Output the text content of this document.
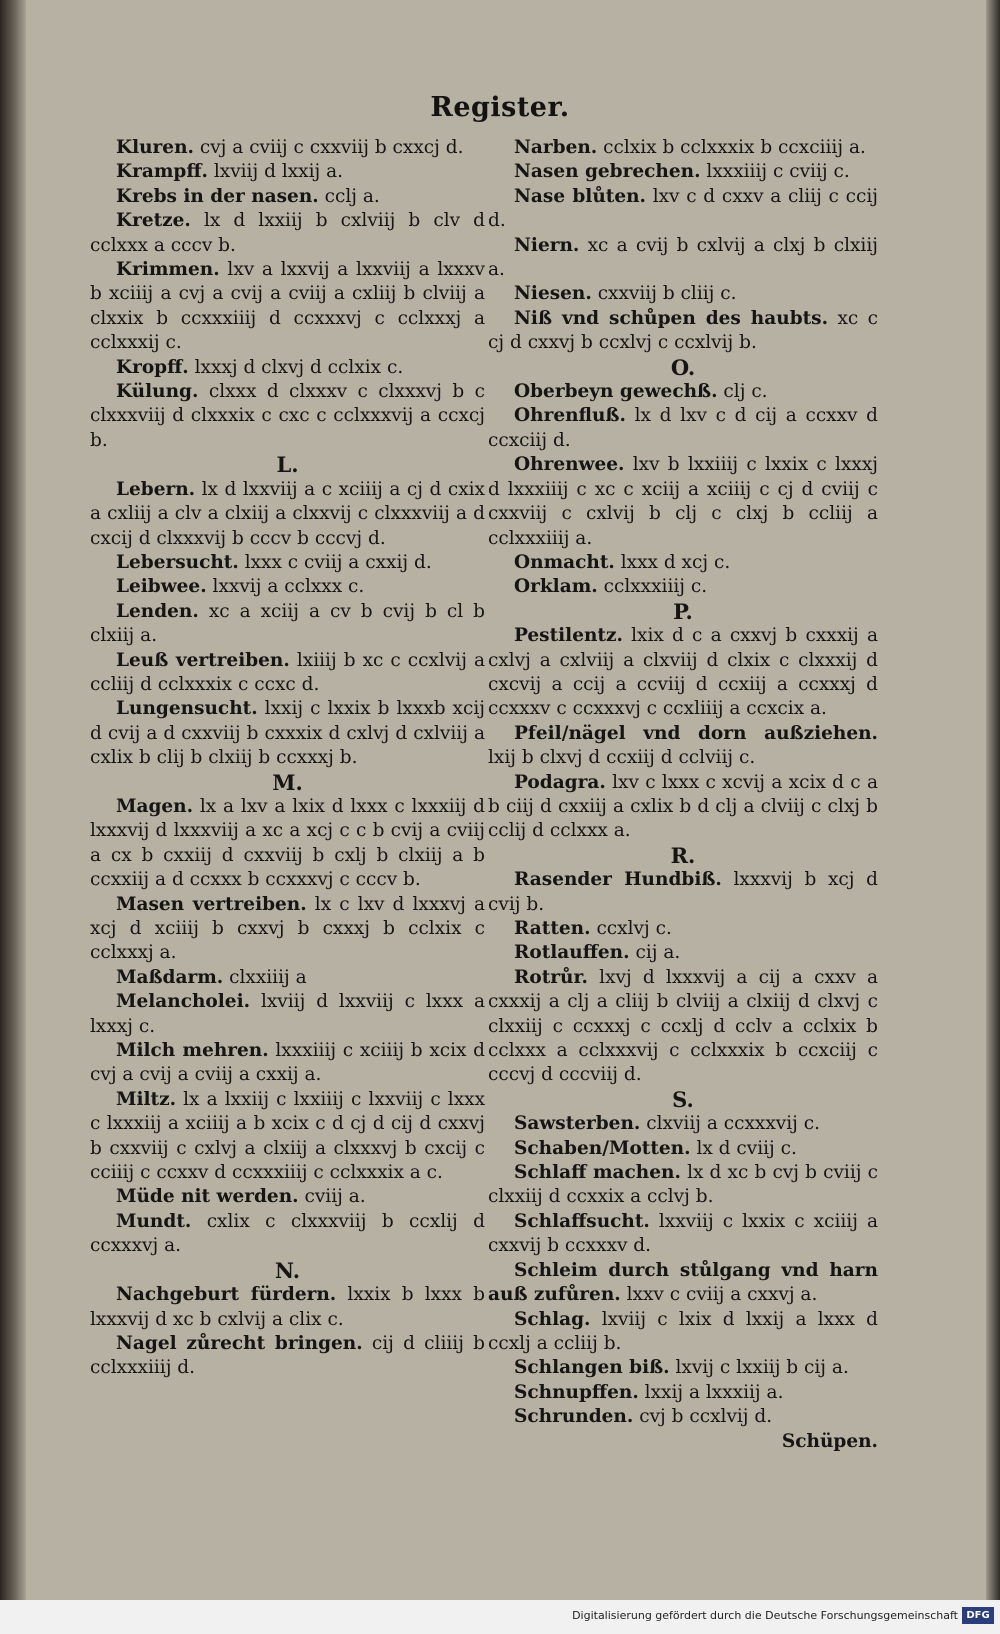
Register.

Kluren. cvj a cviij c cxxviij b cxxcj d.

Krampff. lxviij d lxxij a.

Krebs in der nasen. cclj a.

Kretze. lx d lxxiij b cxlviij b clv d cclxxx a cccv b.

Krimmen. lxv a lxxvij a lxxviij a lxxxv b xciiij a cvj a cvij a cviij a cxliij b clviij a clxxix b ccxxxiiij d ccxxxvj c cclxxxj a cclxxxij c.

Kropff. lxxxj d clxvj d cclxix c.

Külung. clxxx d clxxxv c clxxxvj b c clxxxviij d clxxxix c cxc c cclxxxvij a ccxcj b.

L.

Lebern. lx d lxxviij a c xciiij a cj d cxix a cxliij a clv a clxiij a clxxvij c clxxxviij a d cxcij d clxxxvij b cccv b cccvj d.

Lebersucht. lxxx c cviij a cxxij d.

Leibwee. lxxvij a cclxxx c.

Lenden. xc a xciij a cv b cvij b cl b clxiij a.

Leuß vertreiben. lxiiij b xc c ccxlvij a ccliij d cclxxxix c ccxc d.

Lungensucht. lxxij c lxxix b lxxxb xcij d cvij a d cxxviij b cxxxix d cxlvj d cxlviij a cxlix b clij b clxiij b ccxxxj b.

M.

Magen. lx a lxv a lxix d lxxx c lxxxiij d lxxxvij d lxxxviij a xc a xcj c c b cvij a cviij a cx b cxxiij d cxxviij b cxlj b clxiij a b ccxxiij a d ccxxx b ccxxxvj c cccv b.

Masen vertreiben. lx c lxv d lxxxvj a xcj d xciiij b cxxvj b cxxxj b cclxix c cclxxxj a.

Maßdarm. clxxiiij a

Melancholei. lxviij d lxxviij c lxxx a lxxxj c.

Milch mehren. lxxxiiij c xciiij b xcix d cvj a cvij a cviij a cxxij a.

Miltz. lx a lxxiij c lxxiiij c lxxviij c lxxx c lxxxiij a xciiij a b xcix c d cj d cij d cxxvj b cxxviij c cxlvj a clxiij a clxxxvj b cxcij c cciiij c ccxxv d ccxxxiiij c cclxxxix a c.

Müde nit werden. cviij a.

Mundt. cxlix c clxxxviij b ccxlij d ccxxxvj a.

N.

Nachgeburt fürdern. lxxix b lxxx b lxxxvij d xc b cxlvij a clix c.

Nagel zůrecht bringen. cij d cliiij b cclxxxiiij d.

Narben. cclxix b cclxxxix b ccxciiij a.

Nasen gebrechen. lxxxiiij c cviij c.

Nase blůten. lxv c d cxxv a cliij c ccij d.

Niern. xc a cvij b cxlvij a clxj b clxiij a.

Niesen. cxxviij b cliij c.

Niß vnd schůpen des haubts. xc c cj d cxxvj b ccxlvj c ccxlvij b.

O.

Oberbeyn gewechß. clj c.

Ohrenfluß. lx d lxv c d cij a ccxxv d ccxciij d.

Ohrenwee. lxv b lxxiiij c lxxix c lxxxj d lxxxiiij c xc c xciij a xciiij c cj d cviij c cxxviij c cxlvij b clj c clxj b ccliij a cclxxxiiij a.

Onmacht. lxxx d xcj c.

Orklam. cclxxxiiij c.

P.

Pestilentz. lxix d c a cxxvj b cxxxij a cxlvj a cxlviij a clxviij d clxix c clxxxij d cxcvij a ccij a ccviij d ccxiij a ccxxxj d ccxxxv c ccxxxvj c ccxliiij a ccxcix a.

Pfeil/nägel vnd dorn außziehen. lxij b clxvj d ccxiij d cclviij c.

Podagra. lxv c lxxx c xcvij a xcix d c a b ciij d cxxiij a cxlix b d clj a clviij c clxj b cclij d cclxxx a.

R.

Rasender Hundbiß. lxxxvij b xcj d cvij b.

Ratten. ccxlvj c.

Rotlauffen. cij a.

Rotrůr. lxvj d lxxxvij a cij a cxxv a cxxxij a clj a cliij b clviij a clxiij d clxvj c clxxiij c ccxxxj c ccxlj d cclv a cclxix b cclxxx a cclxxxvij c cclxxxix b ccxciij c cccvj d cccviij d.

S.

Sawsterben. clxviij a ccxxxvij c.

Schaben/Motten. lx d cviij c.

Schlaff machen. lx d xc b cvj b cviij c clxxiij d ccxxix a cclvj b.

Schlaffsucht. lxxviij c lxxix c xciiij a cxxvij b ccxxxv d.

Schleim durch stůlgang vnd harn auß zufůren. lxxv c cviij a cxxvj a.

Schlag. lxviij c lxix d lxxij a lxxx d ccxlj a ccliij b.

Schlangen biß. lxvij c lxxiij b cij a.

Schnupffen. lxxij a lxxxiij a.

Schrunden. cvj b ccxlvij d.

Schüpen.

Digitalisierung gefördert durch die Deutsche Forschungsgemeinschaft DFG
